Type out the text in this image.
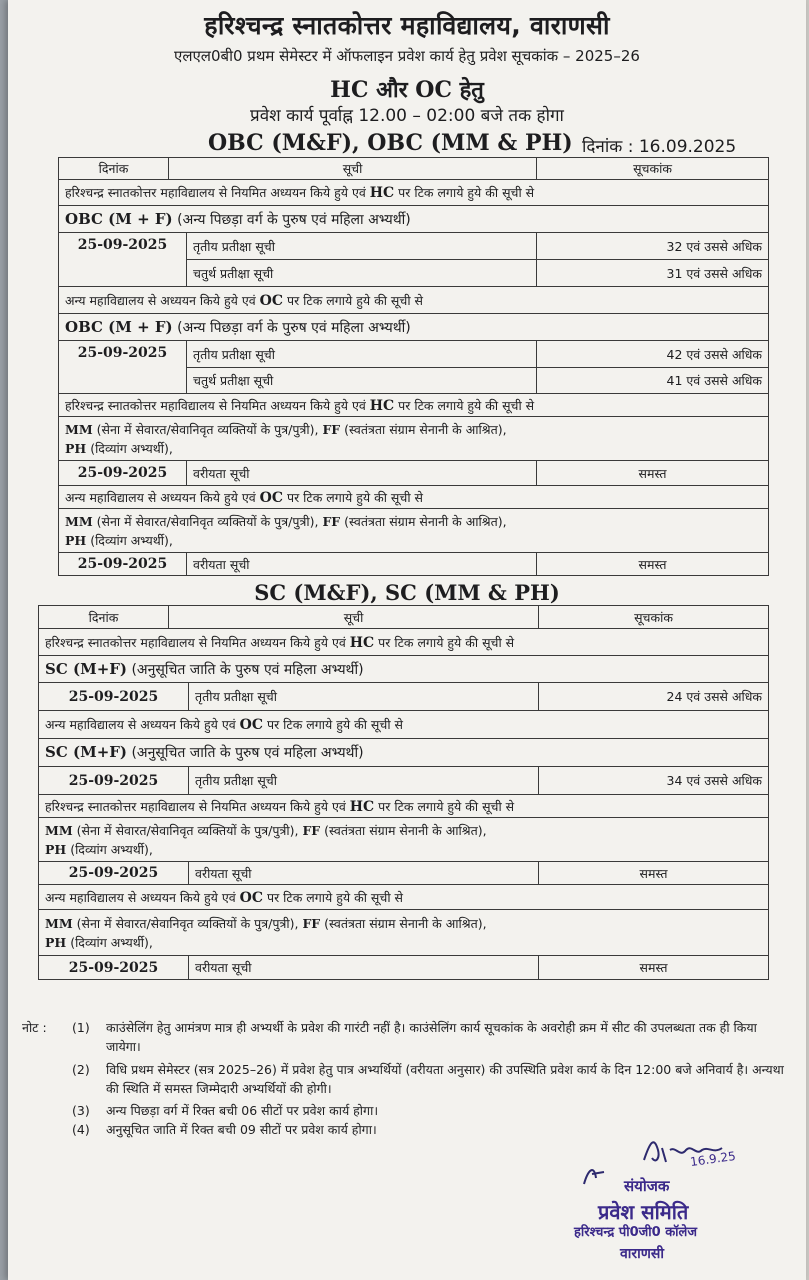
हरिश्चन्द्र स्नातकोत्तर महाविद्यालय, वाराणसी
एलएल0बी0 प्रथम सेमेस्टर में ऑफलाइन प्रवेश कार्य हेतु प्रवेश सूचकांक – 2025–26
HC और OC हेतु
प्रवेश कार्य पूर्वाह्न 12.00 – 02:00 बजे तक होगा
OBC (M&F), OBC (MM & PH) दिनांक : 16.09.2025
दिनांक	सूची		सूचकांक
हरिश्चन्द्र स्नातकोत्तर महाविद्यालय से नियमित अध्ययन किये हुये एवं HC पर टिक लगाये हुये की सूची से			
OBC (M + F) (अन्य पिछड़ा वर्ग के पुरुष एवं महिला अभ्यर्थी)			
25-09-2025		तृतीय प्रतीक्षा सूची	32 एवं उससे अधिक
		चतुर्थ प्रतीक्षा सूची	31 एवं उससे अधिक
अन्य महाविद्यालय से अध्ययन किये हुये एवं OC पर टिक लगाये हुये की सूची से			
OBC (M + F) (अन्य पिछड़ा वर्ग के पुरुष एवं महिला अभ्यर्थी)			
25-09-2025		तृतीय प्रतीक्षा सूची	42 एवं उससे अधिक
		चतुर्थ प्रतीक्षा सूची	41 एवं उससे अधिक
हरिश्चन्द्र स्नातकोत्तर महाविद्यालय से नियमित अध्ययन किये हुये एवं HC पर टिक लगाये हुये की सूची से			
MM (सेना में सेवारत/सेवानिवृत व्यक्तियों के पुत्र/पुत्री), FF (स्वतंत्रता संग्राम सेनानी के आश्रित),
PH (दिव्यांग अभ्यर्थी),			
25-09-2025		वरीयता सूची	समस्त
अन्य महाविद्यालय से अध्ययन किये हुये एवं OC पर टिक लगाये हुये की सूची से			
MM (सेना में सेवारत/सेवानिवृत व्यक्तियों के पुत्र/पुत्री), FF (स्वतंत्रता संग्राम सेनानी के आश्रित),
PH (दिव्यांग अभ्यर्थी),			
25-09-2025		वरीयता सूची	समस्त
SC (M&F), SC (MM & PH)
दिनांक	सूची		सूचकांक
हरिश्चन्द्र स्नातकोत्तर महाविद्यालय से नियमित अध्ययन किये हुये एवं HC पर टिक लगाये हुये की सूची से			
SC (M+F) (अनुसूचित जाति के पुरुष एवं महिला अभ्यर्थी)			
25-09-2025		तृतीय प्रतीक्षा सूची	24 एवं उससे अधिक
अन्य महाविद्यालय से अध्ययन किये हुये एवं OC पर टिक लगाये हुये की सूची से			
SC (M+F) (अनुसूचित जाति के पुरुष एवं महिला अभ्यर्थी)			
25-09-2025		तृतीय प्रतीक्षा सूची	34 एवं उससे अधिक
हरिश्चन्द्र स्नातकोत्तर महाविद्यालय से नियमित अध्ययन किये हुये एवं HC पर टिक लगाये हुये की सूची से			
MM (सेना में सेवारत/सेवानिवृत व्यक्तियों के पुत्र/पुत्री), FF (स्वतंत्रता संग्राम सेनानी के आश्रित),
PH (दिव्यांग अभ्यर्थी),			
25-09-2025		वरीयता सूची	समस्त
अन्य महाविद्यालय से अध्ययन किये हुये एवं OC पर टिक लगाये हुये की सूची से			
MM (सेना में सेवारत/सेवानिवृत व्यक्तियों के पुत्र/पुत्री), FF (स्वतंत्रता संग्राम सेनानी के आश्रित),
PH (दिव्यांग अभ्यर्थी),			
25-09-2025		वरीयता सूची	समस्त
नोट : (1) काउंसेलिंग हेतु आमंत्रण मात्र ही अभ्यर्थी के प्रवेश की गारंटी नहीं है। काउंसेलिंग कार्य सूचकांक के अवरोही क्रम में सीट की उपलब्धता तक ही किया जायेगा।
(2) विधि प्रथम सेमेस्टर (सत्र 2025–26) में प्रवेश हेतु पात्र अभ्यर्थियों (वरीयता अनुसार) की उपस्थिति प्रवेश कार्य के दिन 12:00 बजे अनिवार्य है। अन्यथा की स्थिति में समस्त जिम्मेदारी अभ्यर्थियों की होगी।
(3) अन्य पिछड़ा वर्ग में रिक्त बची 06 सीटों पर प्रवेश कार्य होगा।
(4) अनुसूचित जाति में रिक्त बची 09 सीटों पर प्रवेश कार्य होगा।
16.9.25
संयोजक
प्रवेश समिति
हरिश्चन्द्र पी0जी0 कॉलेज
वाराणसी
